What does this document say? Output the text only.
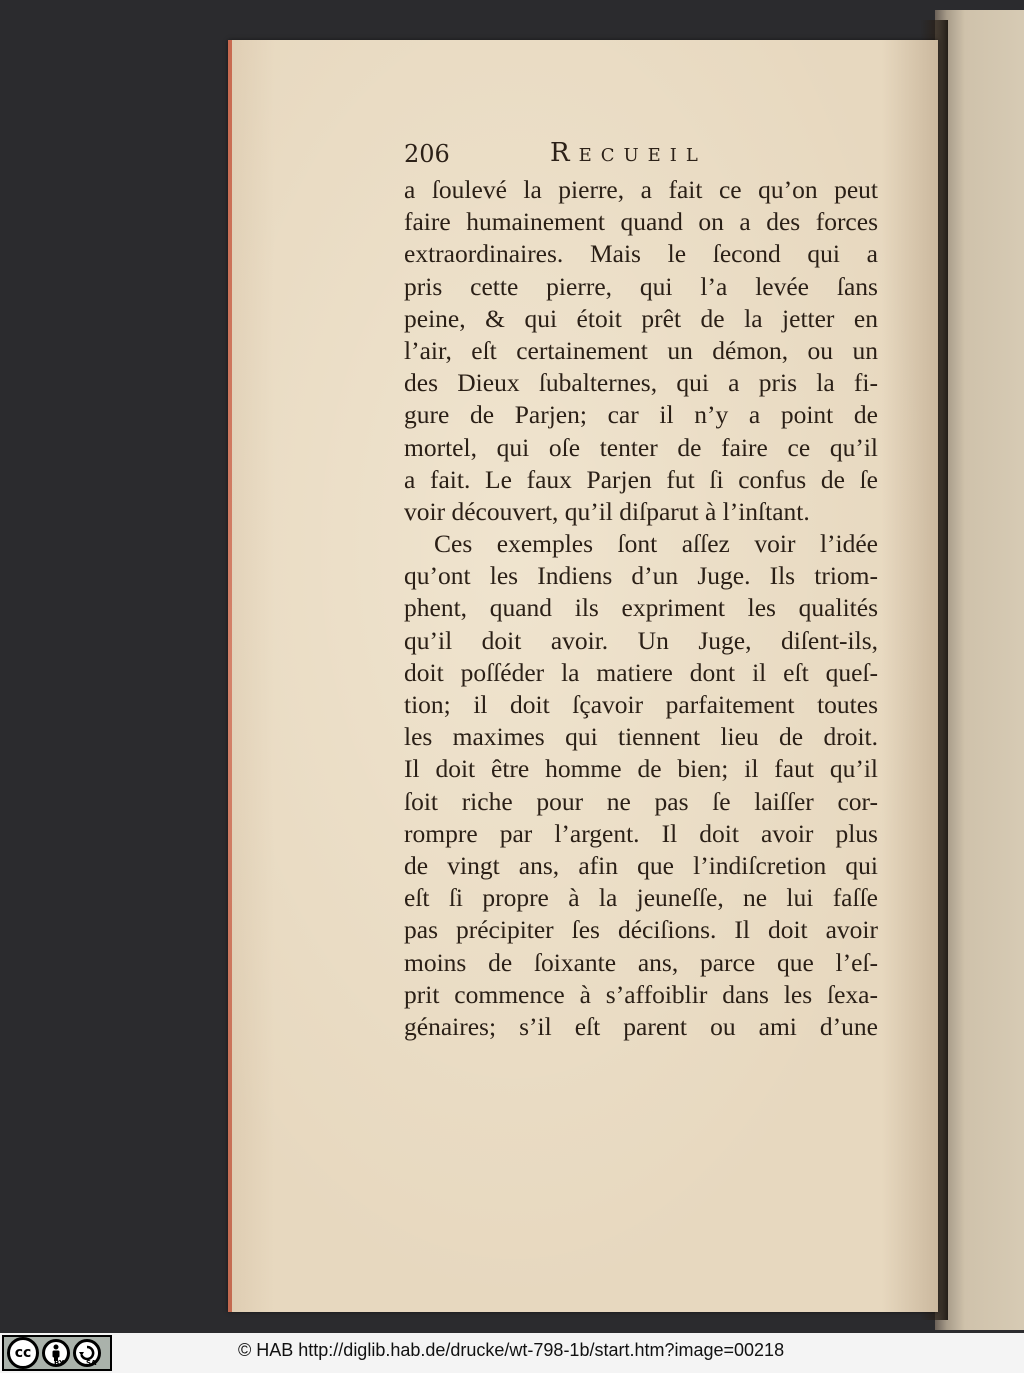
206	Recueil
a ſoulevé la pierre, a fait ce qu’on peut
faire humainement quand on a des forces
extraordinaires. Mais le ſecond qui a
pris cette pierre, qui l’a levée ſans
peine, & qui étoit prêt de la jetter en
l’air, eſt certainement un démon, ou un
des Dieux ſubalternes, qui a pris la fi-
gure de Parjen; car il n’y a point de
mortel, qui oſe tenter de faire ce qu’il
a fait. Le faux Parjen fut ſi confus de ſe
voir découvert, qu’il diſparut à l’inſtant.
Ces exemples ſont aſſez voir l’idée
qu’ont les Indiens d’un Juge. Ils triom-
phent, quand ils expriment les qualités
qu’il doit avoir. Un Juge, diſent-ils,
doit poſſéder la matiere dont il eſt queſ-
tion; il doit ſçavoir parfaitement toutes
les maximes qui tiennent lieu de droit.
Il doit être homme de bien; il faut qu’il
ſoit riche pour ne pas ſe laiſſer cor-
rompre par l’argent. Il doit avoir plus
de vingt ans, afin que l’indiſcretion qui
eſt ſi propre à la jeuneſſe, ne lui faſſe
pas précipiter ſes déciſions. Il doit avoir
moins de ſoixante ans, parce que l’eſ-
prit commence à s’affoiblir dans les ſexa-
génaires; s’il eſt parent ou ami d’une
cc
BY	SA
© HAB http://diglib.hab.de/drucke/wt-798-1b/start.htm?image=00218
